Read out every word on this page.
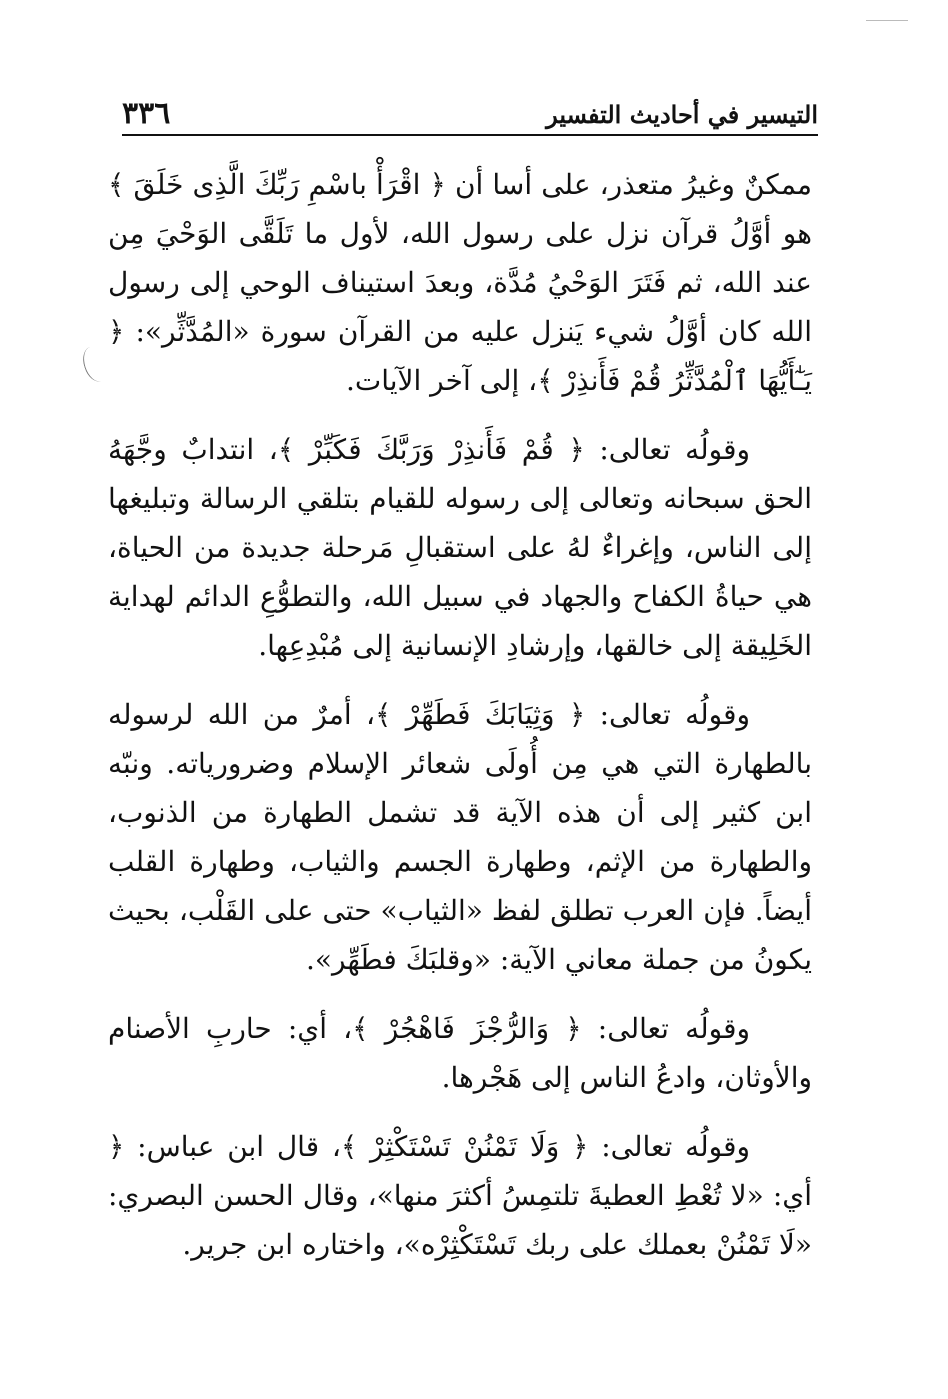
٣٣٦	التيسير في أحاديث التفسير

ممكنٌ وغيرُ متعذر، على أسا أن ﴿ اقْرَأْ باسْمِ رَبِّكَ الَّذِى خَلَقَ ﴾ هو أوَّلُ قرآن نزل على رسول الله، لأول ما تَلَقَّى الوَحْيَ مِن عند الله، ثم فَتَرَ الوَحْيُ مُدَّة، وبعدَ استيناف الوحي إلى رسول الله كان أوَّلُ شيء يَنزل عليه من القرآن سورة «المُدَّثِّر»: ﴿ يَـٰٓأَيُّهَا ٱلْمُدَّثِّرُ قُمْ فَأَنذِرْ ﴾، إلى آخر الآيات.

وقولُه تعالى: ﴿ قُمْ فَأَنذِرْ وَرَبَّكَ فَكَبِّرْ ﴾، انتدابٌ وجَّهَهُ الحق سبحانه وتعالى إلى رسوله للقيام بتلقي الرسالة وتبليغها إلى الناس، وإغراءٌ لهُ على استقبالِ مَرحلة جديدة من الحياة، هي حياةُ الكفاح والجهاد في سبيل الله، والتطوُّعِ الدائم لهداية الخَلِيقة إلى خالقها، وإرشادِ الإنسانية إلى مُبْدِعِها.

وقولُه تعالى: ﴿ وَثِيَابَكَ فَطَهِّرْ ﴾، أمرٌ من الله لرسوله بالطهارة التي هي مِن أُولَى شعائر الإسلام وضرورياته. ونبّه ابن كثير إلى أن هذه الآية قد تشمل الطهارة من الذنوب، والطهارة من الإثم، وطهارة الجسم والثياب، وطهارة القلب أيضاً. فإن العرب تطلق لفظ «الثياب» حتى على القَلْب، بحيث يكونُ من جملة معاني الآية: «وقلبَكَ فطَهِّر».

وقولُه تعالى: ﴿ وَالرُّجْزَ فَاهْجُرْ ﴾، أي: حاربِ الأصنام والأوثان، وادعُ الناس إلى هَجْرها.

وقولُه تعالى: ﴿ وَلَا تَمْنُنْ تَسْتَكْثِرْ ﴾، قال ابن عباس: ﴿ أي: «لا تُعْطِ العطيةَ تلتمِسُ أكثرَ منها»، وقال الحسن البصري: «لَا تَمْنُنْ بعملك على ربك تَسْتَكْثِرْه»، واختاره ابن جرير.
